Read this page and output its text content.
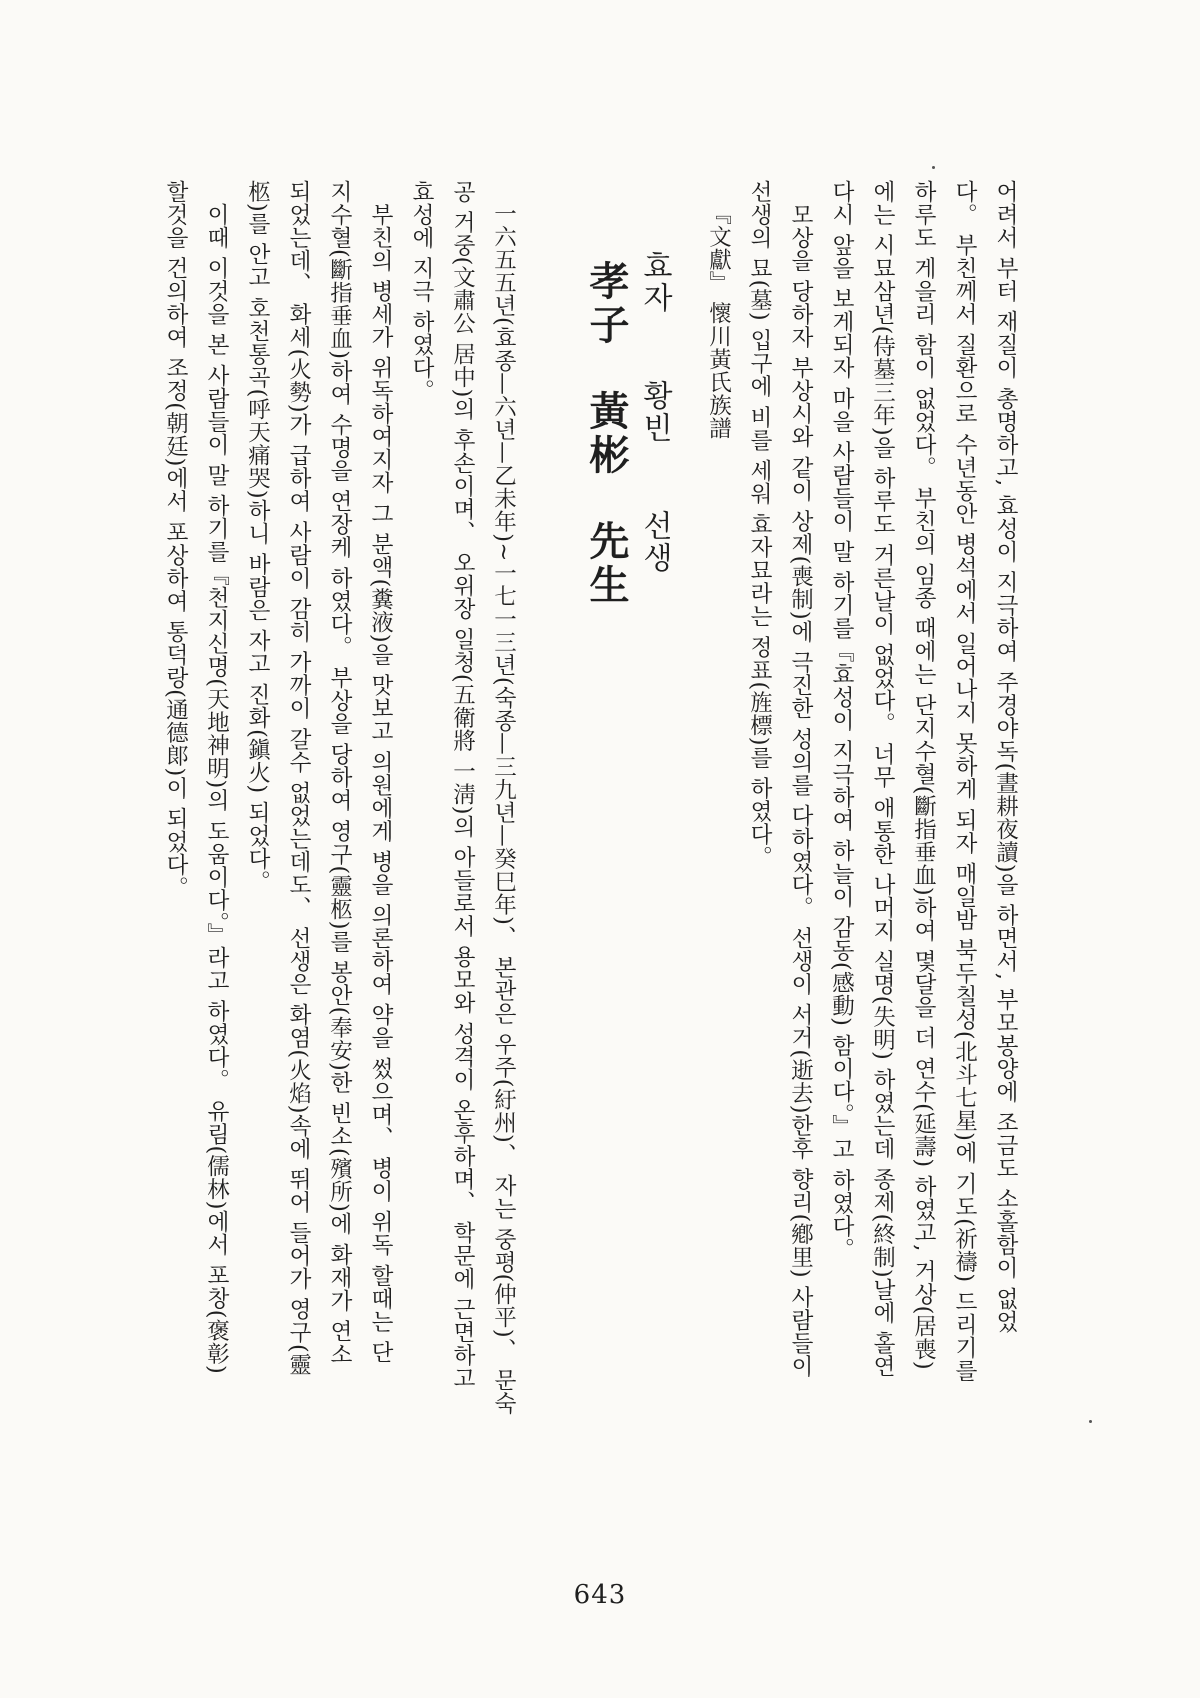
어려서 부터 재질이 총명하고, 효성이 지극하여 주경야독(晝耕夜讀)을 하면서, 부모봉양에 조금도 소홀함이 없었
다。 부친께서 질환으로 수년동안 병석에서 일어나지 못하게 되자 매일밤 북두칠성(北斗七星)에 기도(祈禱) 드리기를
하루도 게을리 함이 없었다。 부친의 임종 때에는 단지수혈(斷指垂血)하여 몇달을 더 연수(延壽) 하였고, 거상(居喪)
에는 시묘삼년(侍墓三年)을 하루도 거른날이 없었다。 너무 애통한 나머지 실명(失明) 하였는데 종제(終制)날에 홀연
다시 앞을 보게되자 마을 사람들이 말 하기를『효성이 지극하여 하늘이 감동(感動) 함이다。』고 하였다。
모상을 당하자 부상시와 같이 상제(喪制)에 극진한 성의를 다하였다。 선생이 서거(逝去)한후 향리(鄕里) 사람들이
선생의 묘(墓) 입구에 비를 세워 효자묘라는 정표(旌標)를 하였다。
『文獻』 懷川黃氏族譜
효자
황빈
선생
孝子
黃彬
先生
一六五五년(효종—六년—乙未年)~一七一三년(숙종—三九년—癸巳年)、 본관은 우주(紆州)、 자는 중평(仲平)、 문숙
공 거중(文肅公 居中)의 후손이며、 오위장 일청(五衛將 一淸)의 아들로서 용모와 성격이 온후하며、 학문에 근면하고
효성에 지극 하였다。
부친의 병세가 위독하여지자 그 분액(糞液)을 맛보고 의원에게 병을 의론하여 약을 썼으며、 병이 위독 할때는 단
지수혈(斷指垂血)하여 수명을 연장케 하였다。 부상을 당하여 영구(靈柩)를 봉안(奉安)한 빈소(殯所)에 화재가 연소
되었는데、 화세(火勢)가 급하여 사람이 감히 가까이 갈수 없었는데도、 선생은 화염(火焰)속에 뛰어 들어가 영구(靈
柩)를 안고 호천통곡(呼天痛哭)하니 바람은 자고 진화(鎭火) 되었다。
이때 이것을 본 사람들이 말 하기를『천지신명(天地神明)의 도움이다。』라고 하였다。 유림(儒林)에서 포창(褒彰)
할것을 건의하여 조정(朝廷)에서 포상하여 통덕랑(通德郞)이 되었다。
643
